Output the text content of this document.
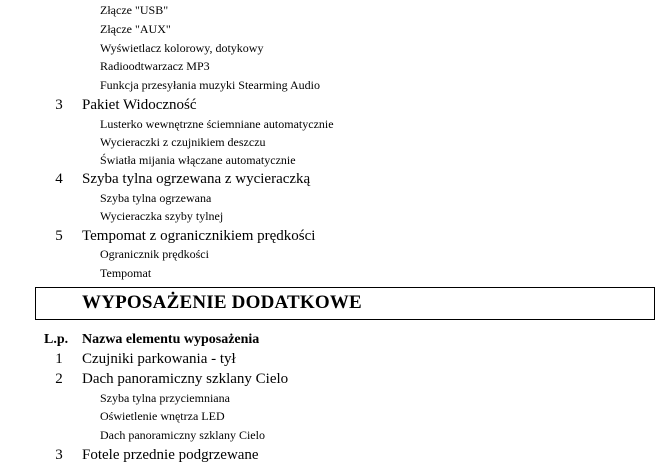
Złącze "USB"
Złącze "AUX"
Wyświetlacz kolorowy, dotykowy
Radioodtwarzacz MP3
Funkcja przesyłania muzyki Stearming Audio
3	Pakiet Widoczność
Lusterko wewnętrzne ściemniane automatycznie
Wycieraczki z czujnikiem deszczu
Światła mijania włączane automatycznie
4	Szyba tylna ogrzewana z wycieraczką
Szyba tylna ogrzewana
Wycieraczka szyby tylnej
5	Tempomat z ogranicznikiem prędkości
Ogranicznik prędkości
Tempomat
WYPOSAŻENIE DODATKOWE
L.p. Nazwa elementu wyposażenia
1	Czujniki parkowania - tył
2	Dach panoramiczny szklany Cielo
Szyba tylna przyciemniana
Oświetlenie wnętrza LED
Dach panoramiczny szklany Cielo
3	Fotele przednie podgrzewane
